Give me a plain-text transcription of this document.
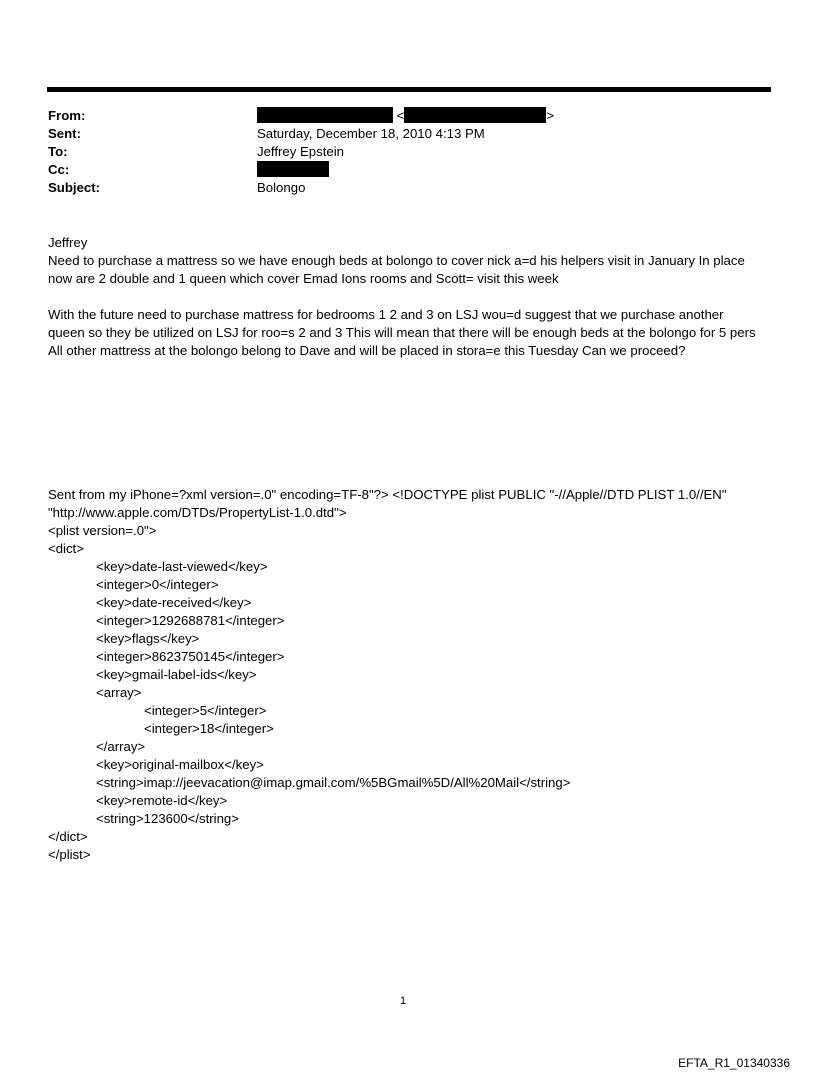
From:	<	>
Sent:	Saturday, December 18, 2010 4:13 PM
To:	Jeffrey Epstein
Cc:
Subject:	Bolongo

Jeffrey

Need to purchase a mattress so we have enough beds at bolongo to cover nick a=d his helpers visit in January In place

now are 2 double and 1 queen which cover Emad Ions rooms and Scott= visit this week

With the future need to purchase mattress for bedrooms 1 2 and 3 on LSJ wou=d suggest that we purchase another

queen so they be utilized on LSJ for roo=s 2 and 3 This will mean that there will be enough beds at the bolongo for 5 pers

All other mattress at the bolongo belong to Dave and will be placed in stora=e this Tuesday Can we proceed?

Sent from my iPhone=?xml version=.0" encoding=TF-8"?> <!DOCTYPE plist PUBLIC "-//Apple//DTD PLIST 1.0//EN"
"http://www.apple.com/DTDs/PropertyList-1.0.dtd">
<plist version=.0">
<dict>
<key>date-last-viewed</key>
<integer>0</integer>
<key>date-received</key>
<integer>1292688781</integer>
<key>flags</key>
<integer>8623750145</integer>
<key>gmail-label-ids</key>
<array>
<integer>5</integer>
<integer>18</integer>
</array>
<key>original-mailbox</key>
<string>imap://jeevacation@imap.gmail.com/%5BGmail%5D/All%20Mail</string>
<key>remote-id</key>
<string>123600</string>
</dict>
</plist>
1
EFTA_R1_01340336
